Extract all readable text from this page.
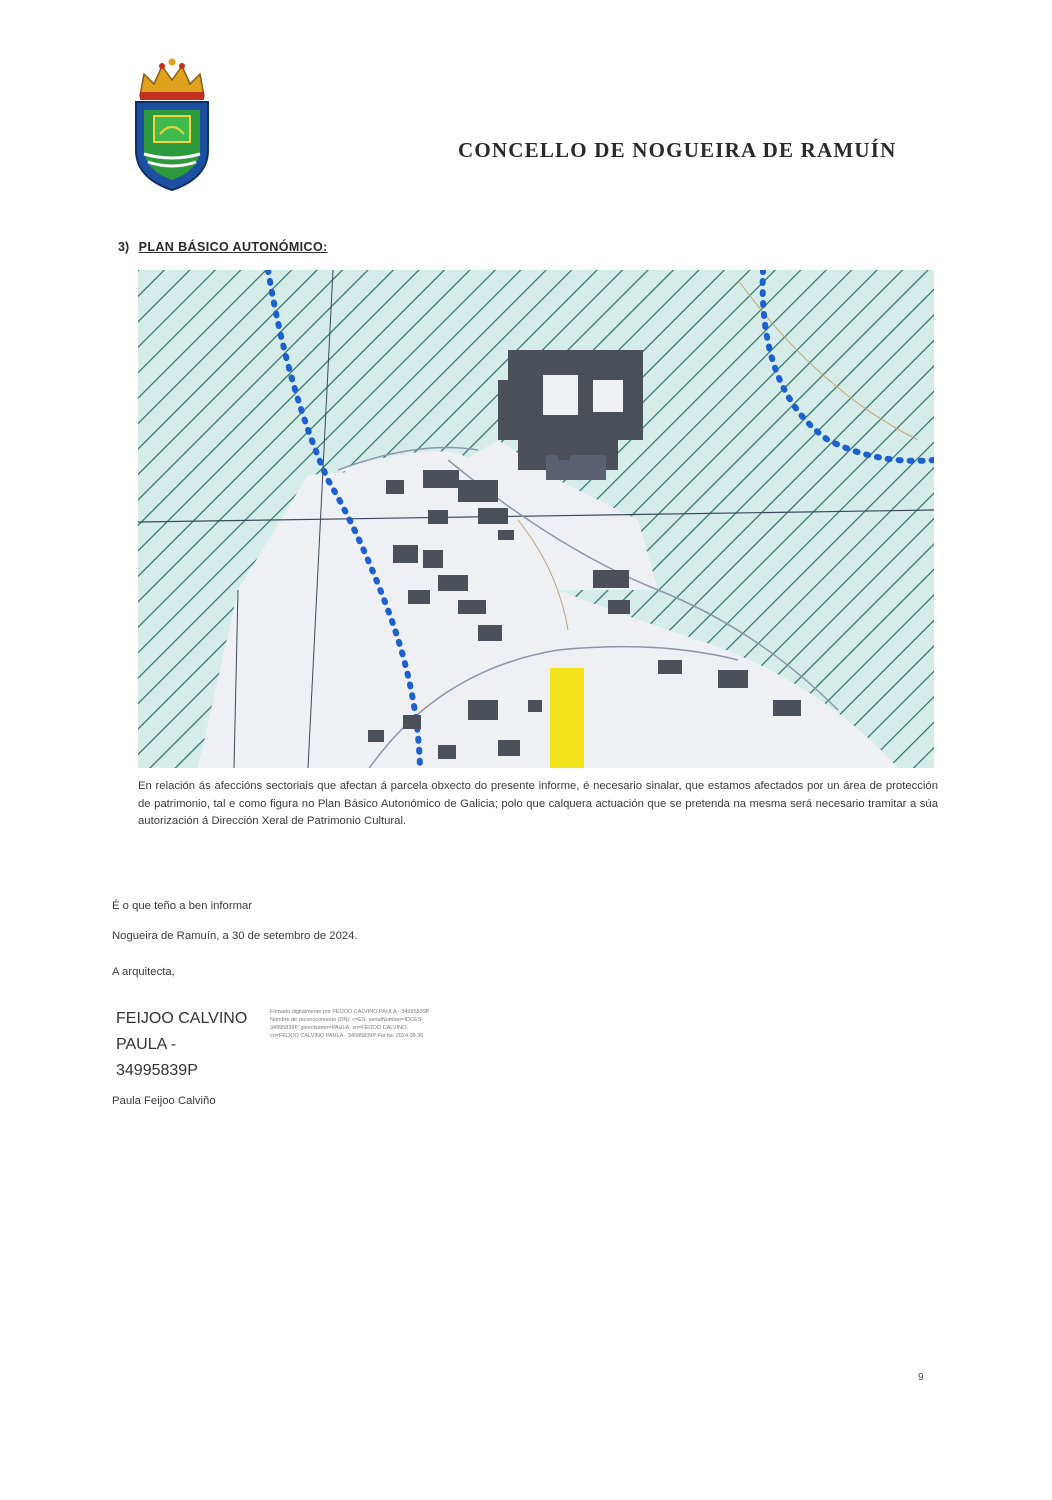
CONCELLO DE NOGUEIRA DE RAMUÍN
3) PLAN BÁSICO AUTONÓMICO:

En relación ás afeccións sectoriais que afectan á parcela obxecto do presente informe, é necesario sinalar, que estamos afectados por un área de protección de patrimonio, tal e como figura no Plan Básico Autonómico de Galicia; polo que calquera actuación que se pretenda na mesma será necesario tramitar a súa autorización á Dirección Xeral de Patrimonio Cultural.

É o que teño a ben informar
Nogueira de Ramuín, a 30 de setembro de 2024.
A arquitecta,
FEIJOO CALVINO
PAULA -
34995839P
Firmado digitalmente por FEIJOO CALVINO PAULA - 34995839P Nombre de reconocimiento (DN): c=ES, serialNumber=IDCES-34995839P, givenName=PAULA, sn=FEIJOO CALVINO, cn=FEIJOO CALVINO PAULA - 34995839P Fecha: 2024.09.30
Paula Feijoo Calviño
9
